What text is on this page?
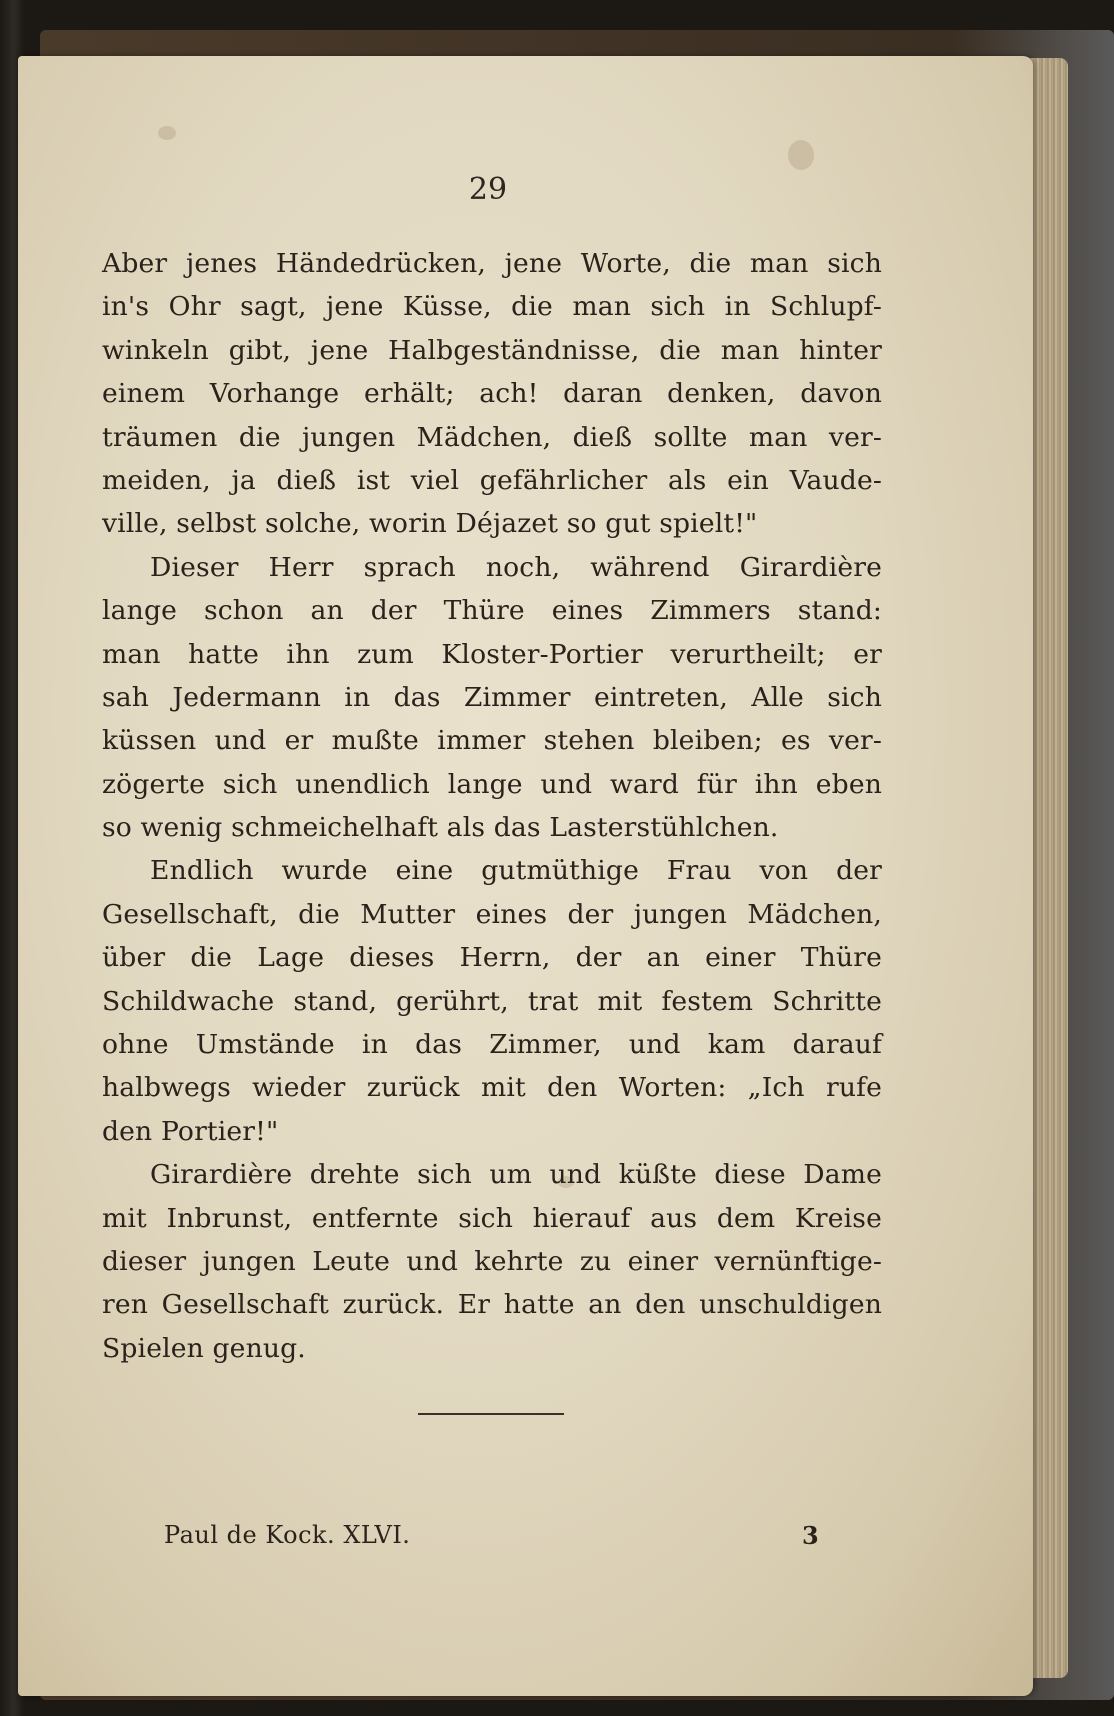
29
Aber jenes Händedrücken, jene Worte, die man sich
in's Ohr sagt, jene Küsse, die man sich in Schlupf-
winkeln gibt, jene Halbgeständnisse, die man hinter
einem Vorhange erhält; ach! daran denken, davon
träumen die jungen Mädchen, dieß sollte man ver-
meiden, ja dieß ist viel gefährlicher als ein Vaude-
ville, selbst solche, worin Déjazet so gut spielt!"
Dieser Herr sprach noch, während Girardière
lange schon an der Thüre eines Zimmers stand:
man hatte ihn zum Kloster-Portier verurtheilt; er
sah Jedermann in das Zimmer eintreten, Alle sich
küssen und er mußte immer stehen bleiben; es ver-
zögerte sich unendlich lange und ward für ihn eben
so wenig schmeichelhaft als das Lasterstühlchen.
Endlich wurde eine gutmüthige Frau von der
Gesellschaft, die Mutter eines der jungen Mädchen,
über die Lage dieses Herrn, der an einer Thüre
Schildwache stand, gerührt, trat mit festem Schritte
ohne Umstände in das Zimmer, und kam darauf
halbwegs wieder zurück mit den Worten: „Ich rufe
den Portier!"
Girardière drehte sich um und küßte diese Dame
mit Inbrunst, entfernte sich hierauf aus dem Kreise
dieser jungen Leute und kehrte zu einer vernünftige-
ren Gesellschaft zurück. Er hatte an den unschuldigen
Spielen genug.
Paul de Kock. XLVI.	3
